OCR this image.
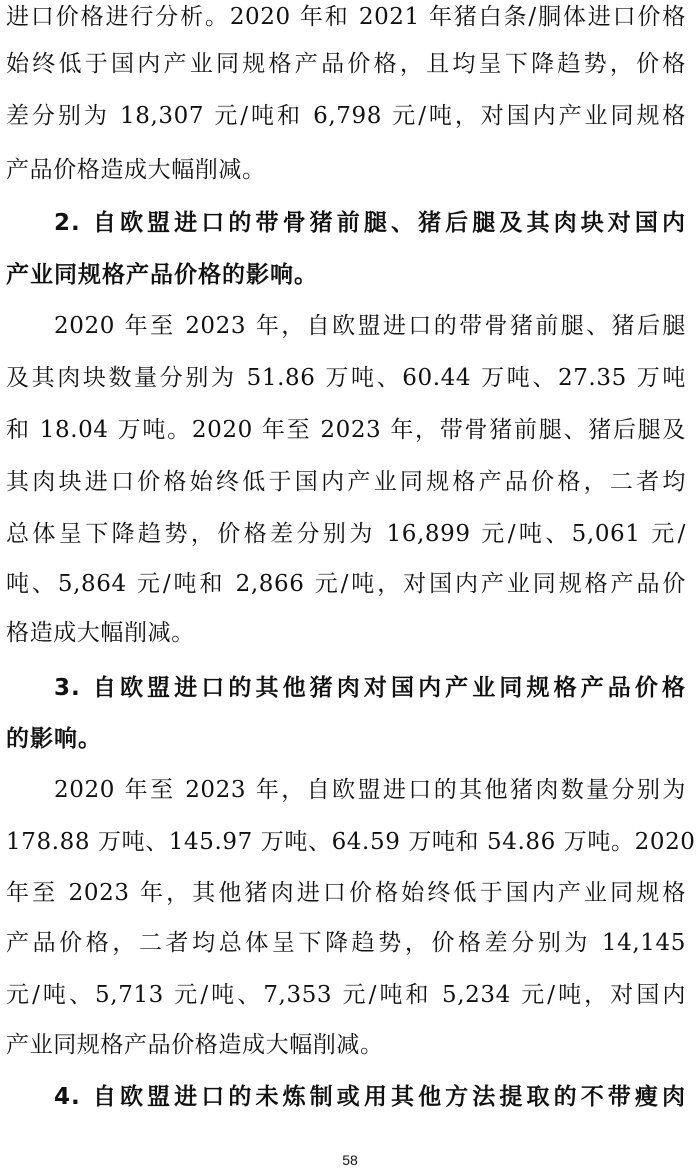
进口价格进行分析。2020 年和 2021 年猪白条/胴体进口价格
始终低于国内产业同规格产品价格，且均呈下降趋势，价格
差分别为 18,307 元/吨和 6,798 元/吨，对国内产业同规格
产品价格造成大幅削减。
2. 自欧盟进口的带骨猪前腿、猪后腿及其肉块对国内
产业同规格产品价格的影响。
2020 年至 2023 年，自欧盟进口的带骨猪前腿、猪后腿
及其肉块数量分别为 51.86 万吨、60.44 万吨、27.35 万吨
和 18.04 万吨。2020 年至 2023 年，带骨猪前腿、猪后腿及
其肉块进口价格始终低于国内产业同规格产品价格，二者均
总体呈下降趋势，价格差分别为 16,899 元/吨、5,061 元/
吨、5,864 元/吨和 2,866 元/吨，对国内产业同规格产品价
格造成大幅削减。
3. 自欧盟进口的其他猪肉对国内产业同规格产品价格
的影响。
2020 年至 2023 年，自欧盟进口的其他猪肉数量分别为
178.88 万吨、145.97 万吨、64.59 万吨和 54.86 万吨。2020
年至 2023 年，其他猪肉进口价格始终低于国内产业同规格
产品价格，二者均总体呈下降趋势，价格差分别为 14,145
元/吨、5,713 元/吨、7,353 元/吨和 5,234 元/吨，对国内
产业同规格产品价格造成大幅削减。
4. 自欧盟进口的未炼制或用其他方法提取的不带瘦肉
58
